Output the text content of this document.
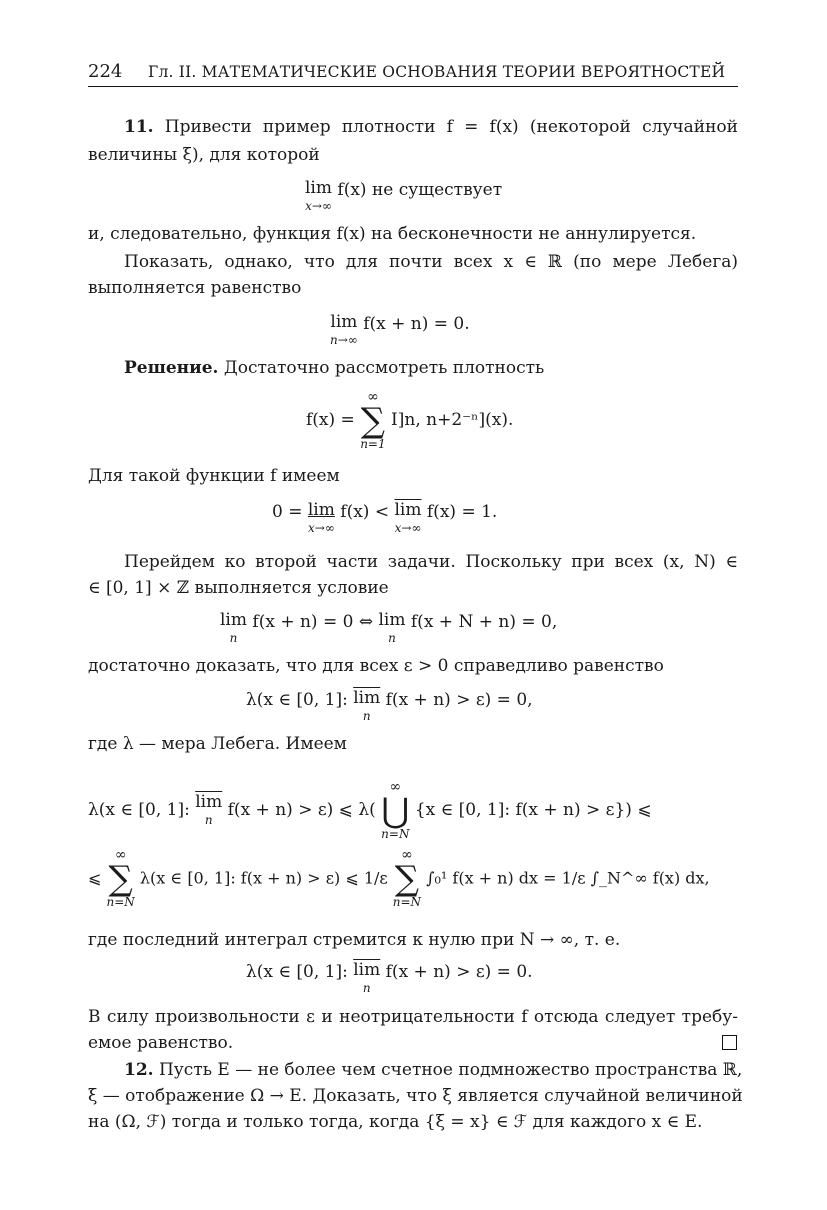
224 Гл. II. МАТЕМАТИЧЕСКИЕ ОСНОВАНИЯ ТЕОРИИ ВЕРОЯТНОСТЕЙ
11. Привести пример плотности f = f(x) (некоторой случайной
величины ξ), для которой
lim
x→∞
f(x) не существует
и, следовательно, функция f(x) на бесконечности не аннулируется.
Показать, однако, что для почти всех x ∈ ℝ (по мере Лебега)
выполняется равенство
lim
n→∞
f(x + n) = 0.
Решение. Достаточно рассмотреть плотность
f(x) =
∞
∑
n=1
I]n, n+2⁻ⁿ](x).
Для такой функции f имеем
0 = lim
x→∞
$f(x) < \overline{lim}$
x→∞
f(x) = 1.
Перейдем ко второй части задачи. Поскольку при всех (x, N) ∈
∈ [0, 1] × ℤ выполняется условие
lim
n
f(x + n) = 0 ⇔ lim
n
f(x + N + n) = 0,
достаточно доказать, что для всех ε > 0 справедливо равенство
λ(x ∈ [0, 1]: $\overline{lim}$
n
f(x + n) > ε) = 0,
где λ — мера Лебега. Имеем
λ(x ∈ [0, 1]: $\overline{lim}$
n f(x + n) > ε) ⩽ λ(
∞
⋃
n=N
{x ∈ [0, 1]: f(x + n) > ε}) ⩽
⩽
∞
∑
n=N
λ(x ∈ [0, 1]: f(x + n) > ε) ⩽ 1/ε
∞
∑
n=N
∫₀¹ f(x + n) dx = 1/ε ∫_N^∞ f(x) dx,
где последний интеграл стремится к нулю при N → ∞, т. е.
λ(x ∈ [0, 1]: $\overline{lim}$
n
f(x + n) > ε) = 0.
В силу произвольности ε и неотрицательности f отсюда следует требу-
емое равенство.
12. Пусть E — не более чем счетное подмножество пространства ℝ,
ξ — отображение Ω → E. Доказать, что ξ является случайной величиной
на (Ω, ℱ) тогда и только тогда, когда {ξ = x} ∈ ℱ для каждого x ∈ E.
